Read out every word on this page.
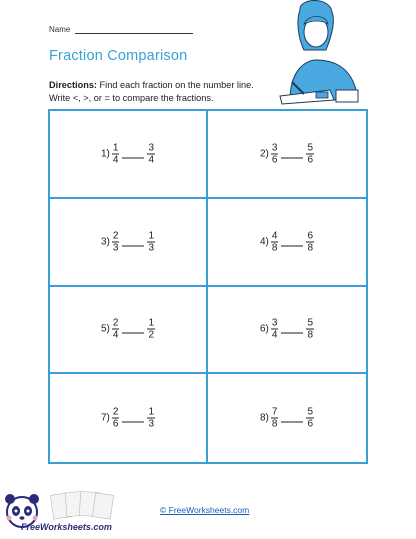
Name
Fraction Comparison
Directions: Find each fraction on the number line. Write <, >, or = to compare the fractions.
$1) \frac{1}{4}$	$\frac{3}{4}$	$2) \frac{3}{6}$	$\frac{5}{6}$
$3) \frac{2}{3}$	$\frac{1}{3}$	$4) \frac{4}{8}$	$\frac{6}{8}$
$5) \frac{2}{4}$	$\frac{1}{2}$	$6) \frac{3}{4}$	$\frac{5}{8}$
$7) \frac{2}{6}$	$\frac{1}{3}$	$8) \frac{7}{8}$	$\frac{5}{6}$
FreeWorksheets.com
© FreeWorksheets.com
